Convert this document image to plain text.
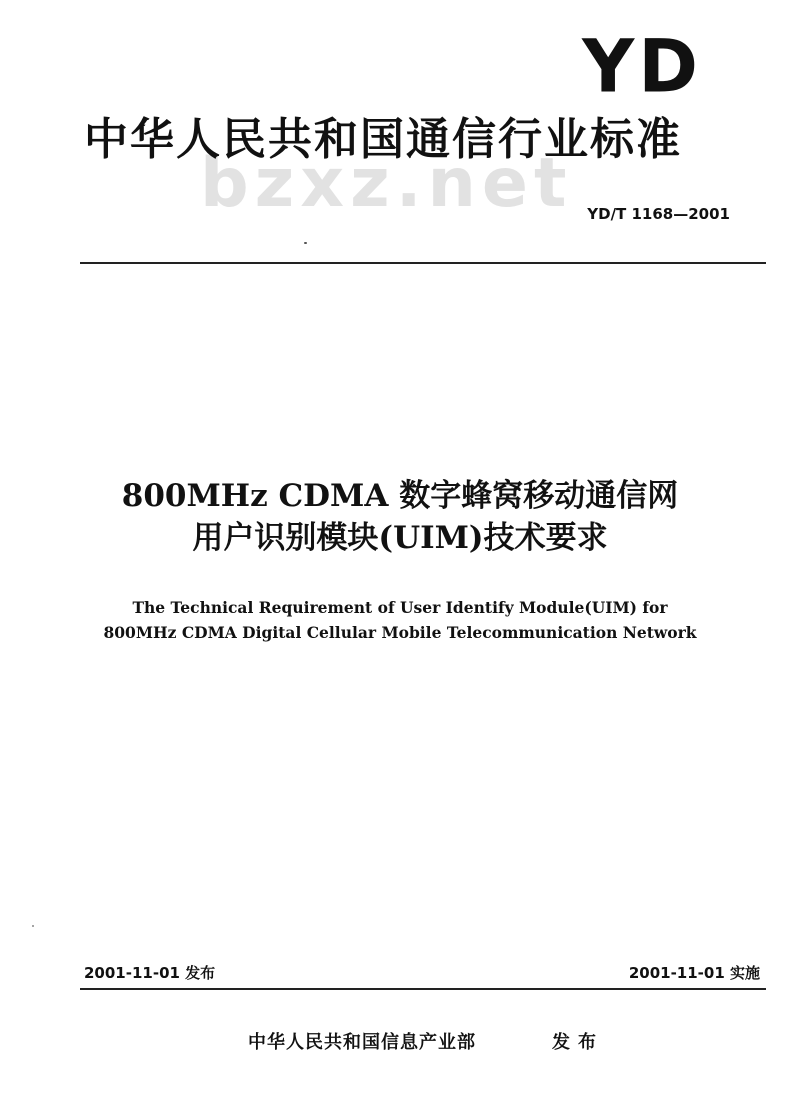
YD
bzxz.net
中华人民共和国通信行业标准
YD/T 1168—2001
800MHz CDMA 数字蜂窝移动通信网
用户识别模块(UIM)技术要求
The Technical Requirement of User Identify Module(UIM) for
800MHz CDMA Digital Cellular Mobile Telecommunication Network
2001-11-01 发布	2001-11-01 实施
中华人民共和国信息产业部	发布
